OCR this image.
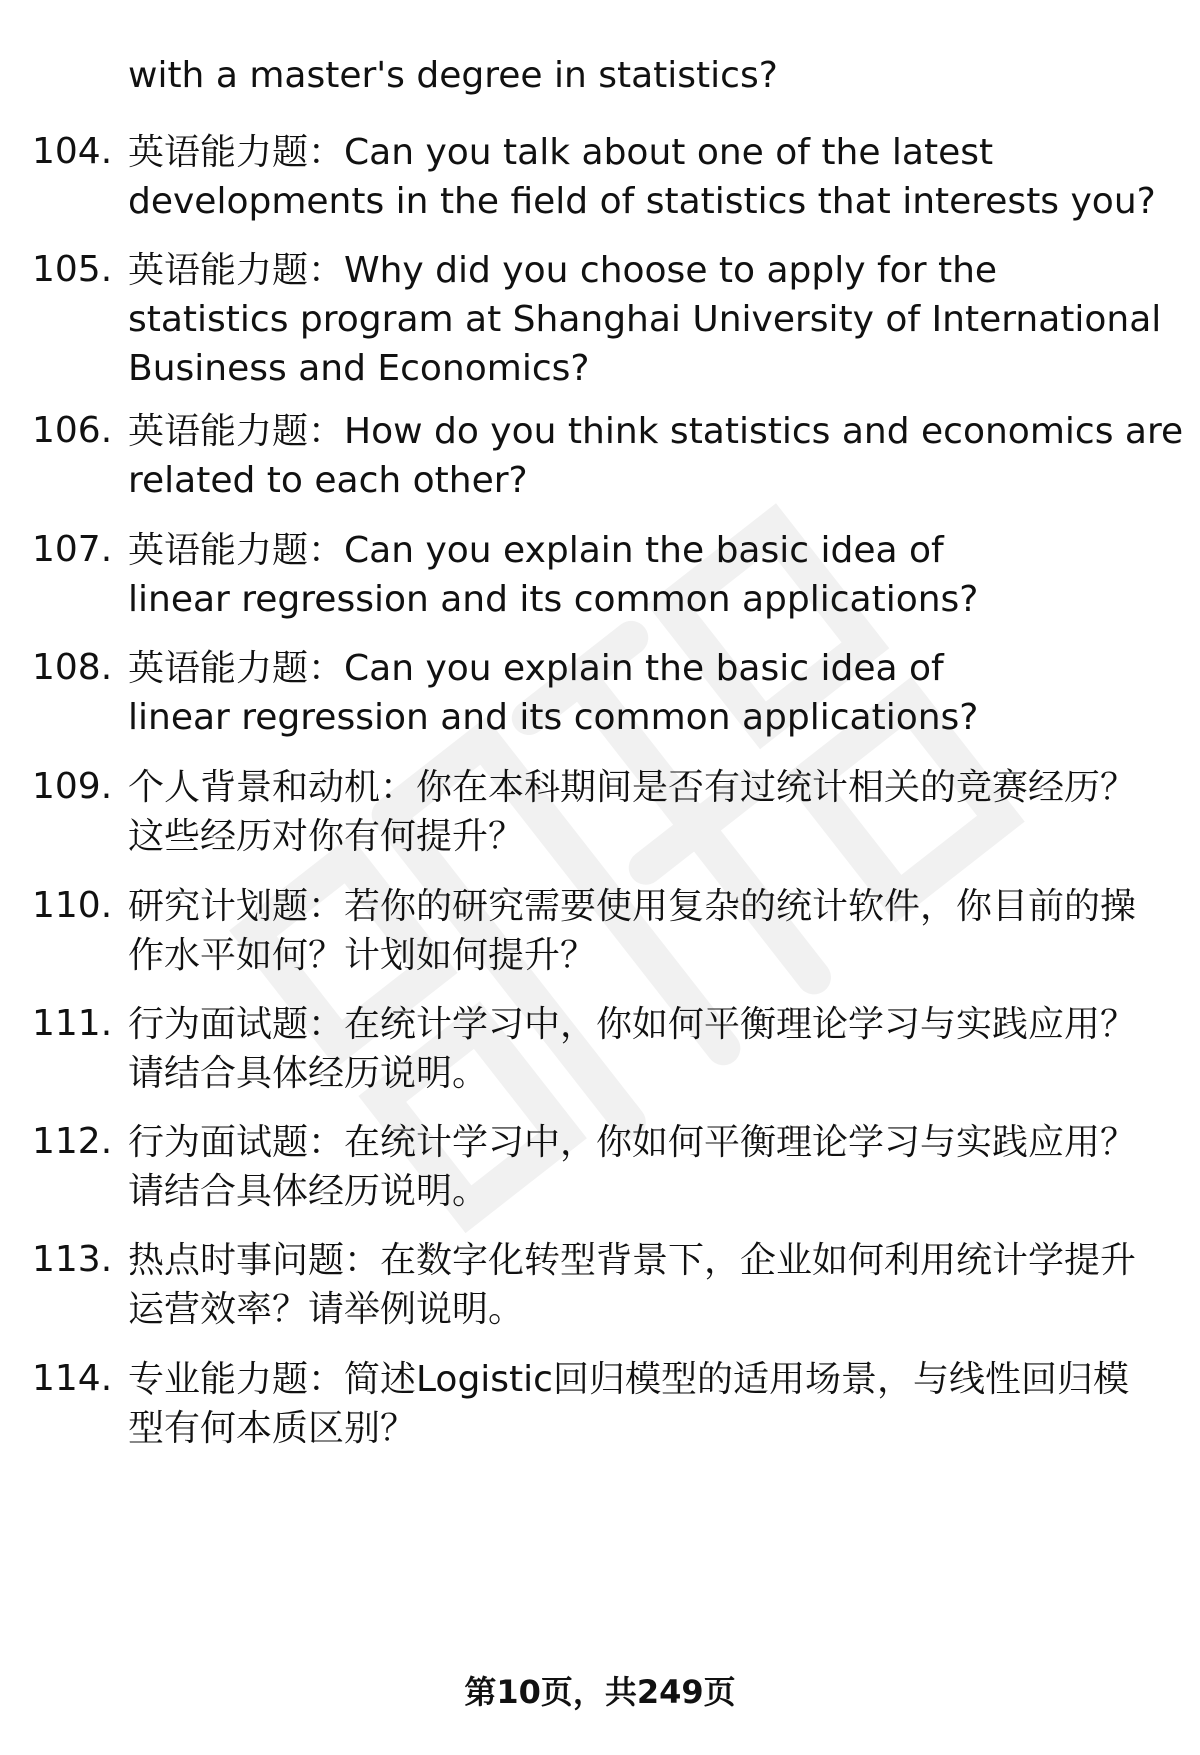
with a master's degree in statistics?
104. 英语能力题：Can you talk about one of the latest developments in the field of statistics that interests you?
105. 英语能力题：Why did you choose to apply for the statistics program at Shanghai University of International Business and Economics?
106. 英语能力题：How do you think statistics and economics are related to each other?
107. 英语能力题：Can you explain the basic idea of linear regression and its common applications?
108. 英语能力题：Can you explain the basic idea of linear regression and its common applications?
109. 个人背景和动机：你在本科期间是否有过统计相关的竞赛经历？这些经历对你有何提升？
110. 研究计划题：若你的研究需要使用复杂的统计软件，你目前的操作水平如何？计划如何提升？
111. 行为面试题：在统计学习中，你如何平衡理论学习与实践应用？请结合具体经历说明。
112. 行为面试题：在统计学习中，你如何平衡理论学习与实践应用？请结合具体经历说明。
113. 热点时事问题：在数字化转型背景下，企业如何利用统计学提升运营效率？请举例说明。
114. 专业能力题：简述Logistic回归模型的适用场景，与线性回归模型有何本质区别？
第10页，共249页
